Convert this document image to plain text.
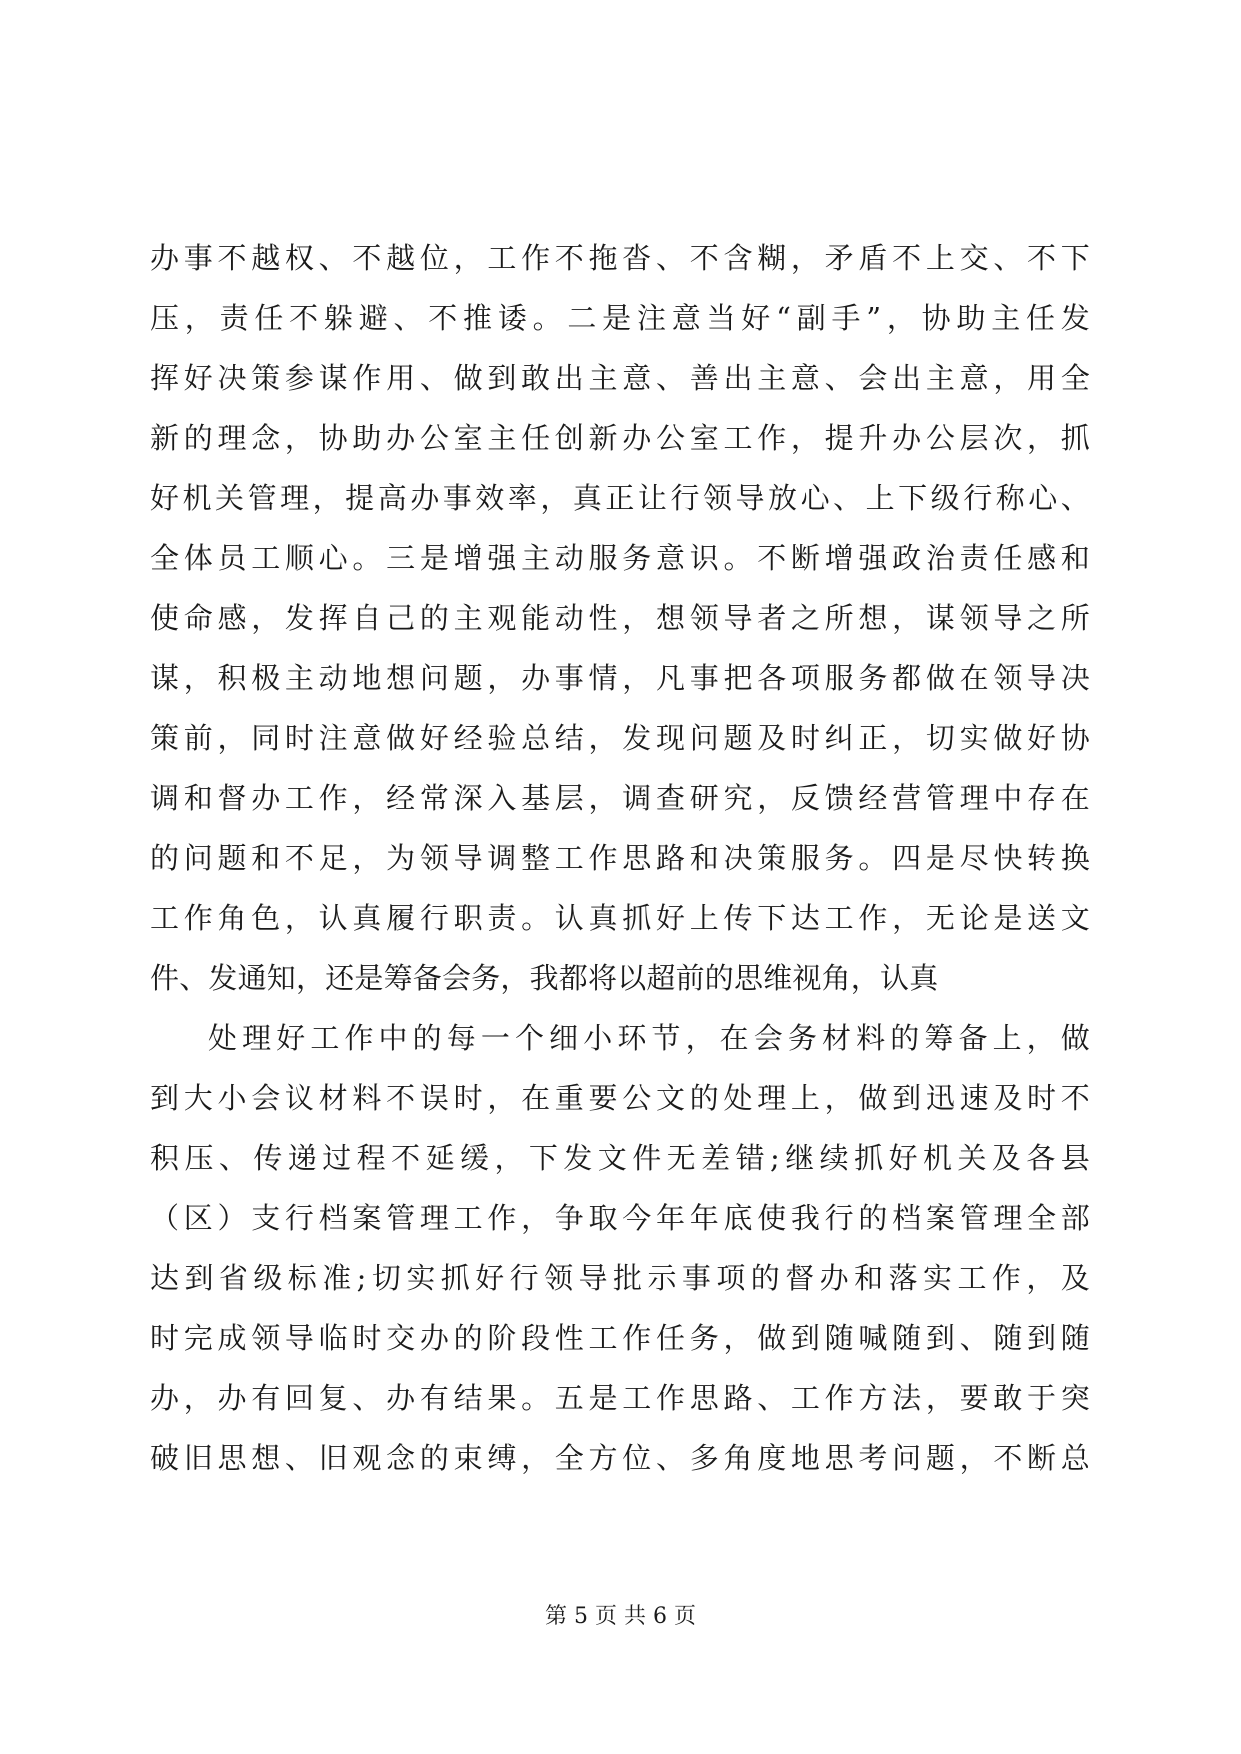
办事不越权、不越位，工作不拖沓、不含糊，矛盾不上交、不下
压，责任不躲避、不推诿。二是注意当好“副手”，协助主任发
挥好决策参谋作用、做到敢出主意、善出主意、会出主意，用全
新的理念，协助办公室主任创新办公室工作，提升办公层次，抓
好机关管理，提高办事效率，真正让行领导放心、上下级行称心、
全体员工顺心。三是增强主动服务意识。不断增强政治责任感和
使命感，发挥自己的主观能动性，想领导者之所想，谋领导之所
谋，积极主动地想问题，办事情，凡事把各项服务都做在领导决
策前，同时注意做好经验总结，发现问题及时纠正，切实做好协
调和督办工作，经常深入基层，调查研究，反馈经营管理中存在
的问题和不足，为领导调整工作思路和决策服务。四是尽快转换
工作角色，认真履行职责。认真抓好上传下达工作，无论是送文
件、发通知，还是筹备会务，我都将以超前的思维视角，认真
处理好工作中的每一个细小环节，在会务材料的筹备上，做
到大小会议材料不误时，在重要公文的处理上，做到迅速及时不
积压、传递过程不延缓，下发文件无差错;继续抓好机关及各县
（区）支行档案管理工作，争取今年年底使我行的档案管理全部
达到省级标准;切实抓好行领导批示事项的督办和落实工作，及
时完成领导临时交办的阶段性工作任务，做到随喊随到、随到随
办，办有回复、办有结果。五是工作思路、工作方法，要敢于突
破旧思想、旧观念的束缚，全方位、多角度地思考问题，不断总
第 5 页 共 6 页
